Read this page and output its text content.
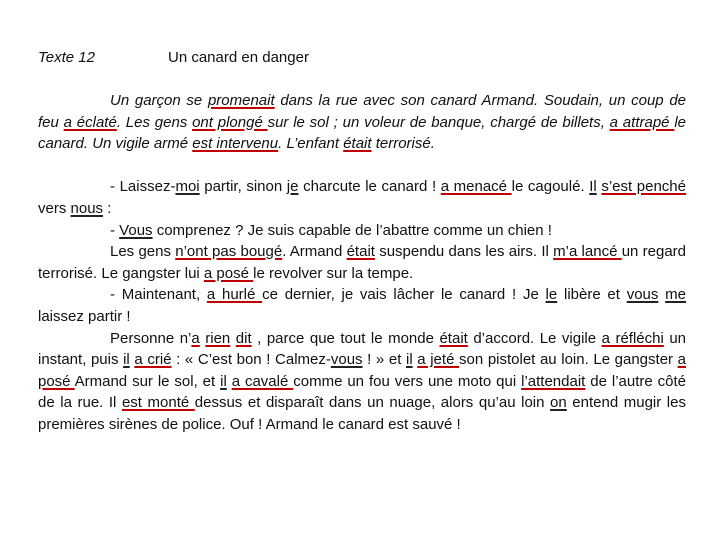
Texte 12	Un canard en danger

Un garçon se promenait dans la rue avec son canard Armand. Soudain, un coup de feu a éclaté. Les gens ont plongé sur le sol ; un voleur de banque, chargé de billets, a attrapé le canard. Un vigile armé est intervenu. L’enfant était terrorisé.

- Laissez-moi partir, sinon je charcute le canard ! a menacé le cagoulé. Il s’est penché vers nous :

- Vous comprenez ? Je suis capable de l’abattre comme un chien !

Les gens n’ont pas bougé. Armand était suspendu dans les airs. Il m’a lancé un regard terrorisé. Le gangster lui a posé le revolver sur la tempe.

- Maintenant, a hurlé ce dernier, je vais lâcher le canard ! Je le libère et vous me laissez partir !

Personne n’a rien dit , parce que tout le monde était d’accord. Le vigile a réfléchi un instant, puis il a crié : « C’est bon ! Calmez-vous ! » et il a jeté son pistolet au loin. Le gangster a posé Armand sur le sol, et il a cavalé comme un fou vers une moto qui l’attendait de l’autre côté de la rue. Il est monté dessus et disparaît dans un nuage, alors qu’au loin on entend mugir les premières sirènes de police. Ouf ! Armand le canard est sauvé !
